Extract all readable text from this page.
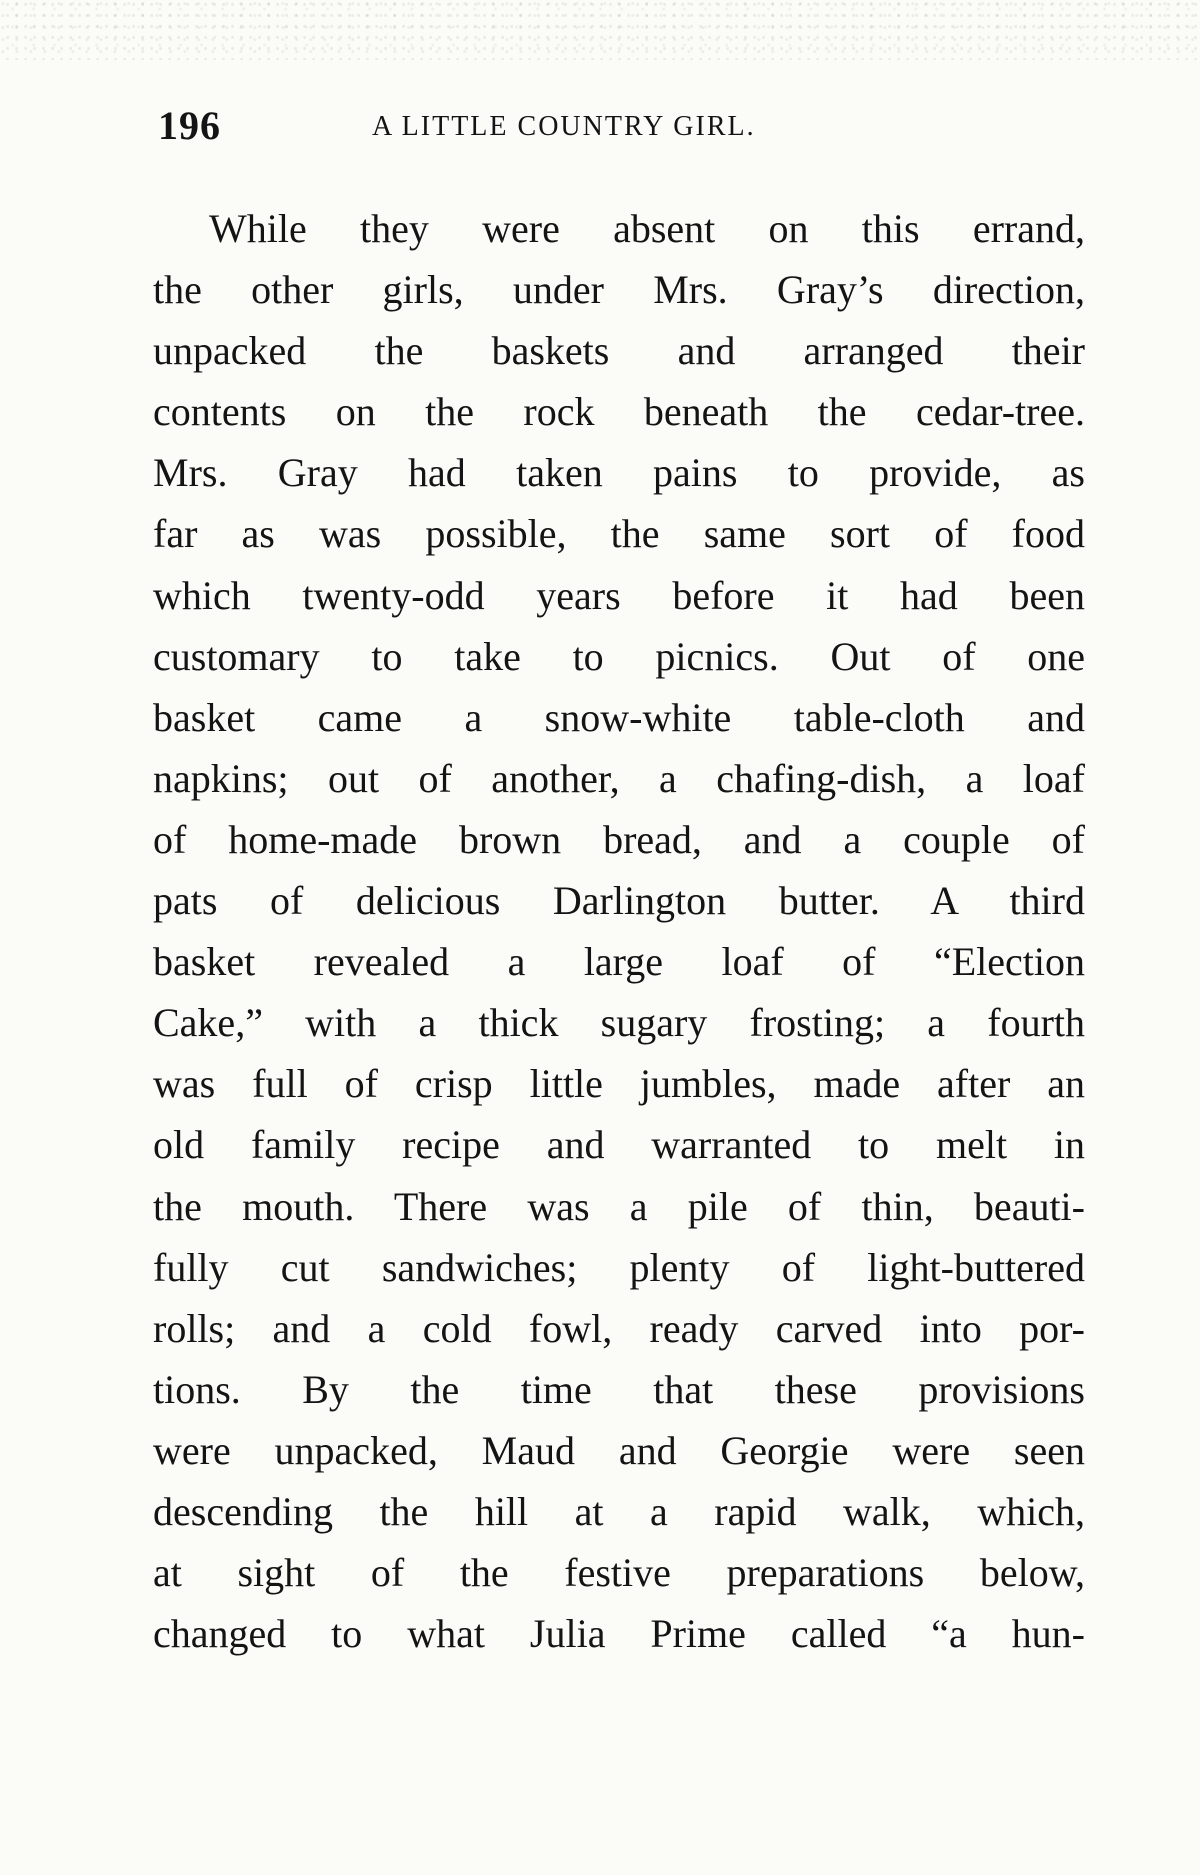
196	A LITTLE COUNTRY GIRL.
While they were absent on this errand,
the other girls, under Mrs. Gray’s direction,
unpacked the baskets and arranged their
contents on the rock beneath the cedar-tree.
Mrs. Gray had taken pains to provide, as
far as was possible, the same sort of food
which twenty-odd years before it had been
customary to take to picnics. Out of one
basket came a snow-white table-cloth and
napkins; out of another, a chafing-dish, a loaf
of home-made brown bread, and a couple of
pats of delicious Darlington butter. A third
basket revealed a large loaf of “Election
Cake,” with a thick sugary frosting; a fourth
was full of crisp little jumbles, made after an
old family recipe and warranted to melt in
the mouth. There was a pile of thin, beauti-
fully cut sandwiches; plenty of light-buttered
rolls; and a cold fowl, ready carved into por-
tions. By the time that these provisions
were unpacked, Maud and Georgie were seen
descending the hill at a rapid walk, which,
at sight of the festive preparations below,
changed to what Julia Prime called “a hun-
